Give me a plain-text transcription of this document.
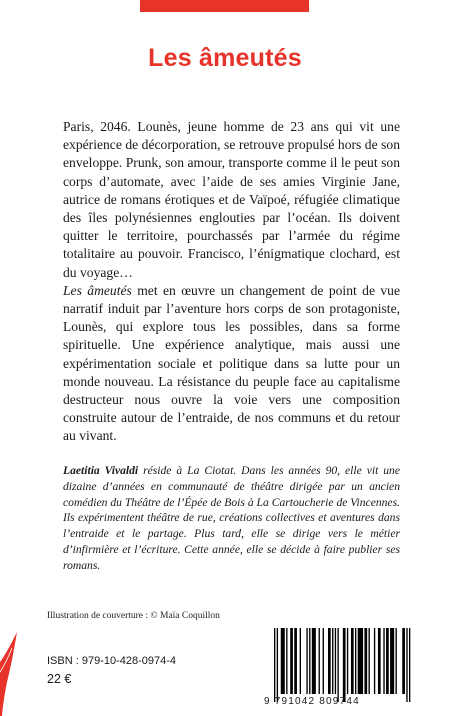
Les âmeutés

Paris, 2046. Lounès, jeune homme de 23 ans qui vit une expérience de décorporation, se retrouve propulsé hors de son enveloppe. Prunk, son amour, transporte comme il le peut son corps d’automate, avec l’aide de ses amies Virginie Jane, autrice de romans érotiques et de Vaïpoé, réfugiée climatique des îles polynésiennes englouties par l’océan. Ils doivent quitter le territoire, pourchassés par l’armée du régime totalitaire au pouvoir. Francisco, l’énigmatique clochard, est du voyage…

Les âmeutés met en œuvre un changement de point de vue narratif induit par l’aventure hors corps de son protagoniste, Lounès, qui explore tous les possibles, dans sa forme spirituelle. Une expérience analytique, mais aussi une expérimentation sociale et politique dans sa lutte pour un monde nouveau. La résistance du peuple face au capitalisme destructeur nous ouvre la voie vers une composition construite autour de l’entraide, de nos communs et du retour au vivant.

Laetitia Vivaldi réside à La Ciotat. Dans les années 90, elle vit une dizaine d’années en communauté de théâtre dirigée par un ancien comédien du Théâtre de l’Épée de Bois à La Cartoucherie de Vincennes. Ils expérimentent théâtre de rue, créations collectives et aventures dans l’entraide et le partage. Plus tard, elle se dirige vers le métier d’infirmière et l’écriture. Cette année, elle se décide à faire publier ses romans.
Illustration de couverture : © Maïa Coquillon
ISBN : 979-10-428-0974-4
22 €
9 791042 809744
